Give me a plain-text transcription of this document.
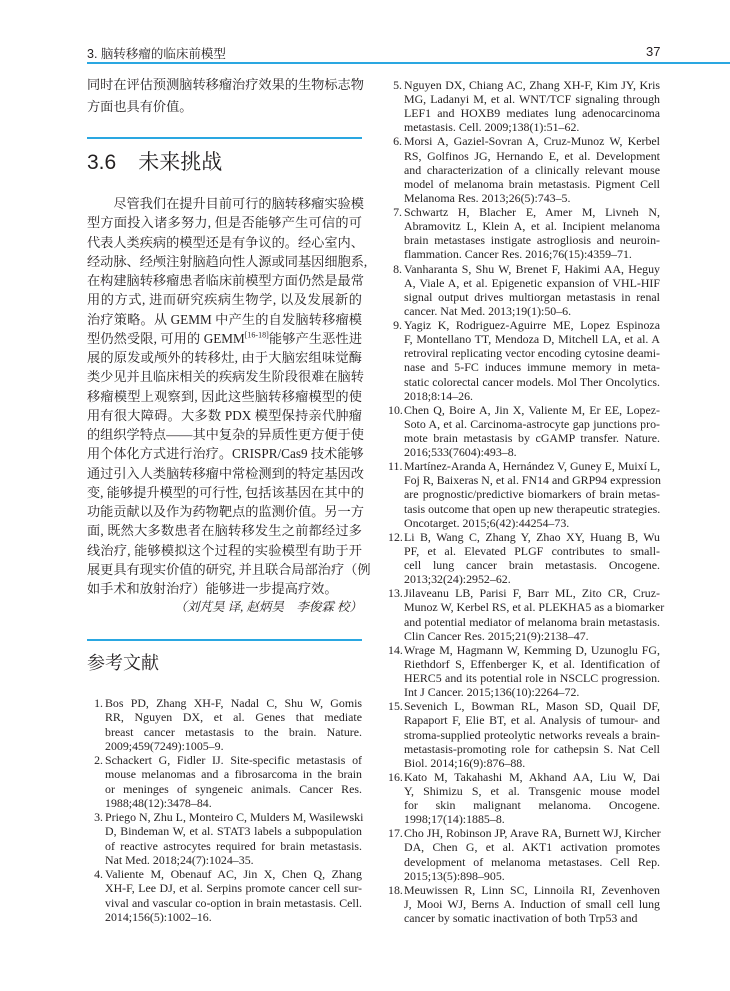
3. 脑转移瘤的临床前模型	37
同时在评估预测脑转移瘤治疗效果的生物标志物
方面也具有价值。
3.6 未来挑战
　　尽管我们在提升目前可行的脑转移瘤实验模
型方面投入诸多努力, 但是否能够产生可信的可
代表人类疾病的模型还是有争议的。经心室内、
经动脉、经颅注射脑趋向性人源或同基因细胞系,
在构建脑转移瘤患者临床前模型方面仍然是最常
用的方式, 进而研究疾病生物学, 以及发展新的
治疗策略。从 GEMM 中产生的自发脑转移瘤模
型仍然受限, 可用的 GEMM[16-18]能够产生恶性进
展的原发或颅外的转移灶, 由于大脑宏组味觉酶
类少见并且临床相关的疾病发生阶段很难在脑转
移瘤模型上观察到, 因此这些脑转移瘤模型的使
用有很大障碍。大多数 PDX 模型保持亲代肿瘤
的组织学特点——其中复杂的异质性更方便于使
用个体化方式进行治疗。CRISPR/Cas9 技术能够
通过引入人类脑转移瘤中常检测到的特定基因改
变, 能够提升模型的可行性, 包括该基因在其中的
功能贡献以及作为药物靶点的监测价值。另一方
面, 既然大多数患者在脑转移发生之前都经过多
线治疗, 能够模拟这个过程的实验模型有助于开
展更具有现实价值的研究, 并且联合局部治疗（例
如手术和放射治疗）能够进一步提高疗效。
（刘芃昊 译, 赵炳昊　李俊霖 校）
参考文献
1. Bos PD, Zhang XH-F, Nadal C, Shu W, Gomis
RR, Nguyen DX, et al. Genes that mediate
breast cancer metastasis to the brain. Nature.
2009;459(7249):1005–9.
2. Schackert G, Fidler IJ. Site-specific metastasis of
mouse melanomas and a fibrosarcoma in the brain
or meninges of syngeneic animals. Cancer Res.
1988;48(12):3478–84.
3. Priego N, Zhu L, Monteiro C, Mulders M, Wasilewski
D, Bindeman W, et al. STAT3 labels a subpopulation
of reactive astrocytes required for brain metastasis.
Nat Med. 2018;24(7):1024–35.
4. Valiente M, Obenauf AC, Jin X, Chen Q, Zhang
XH-F, Lee DJ, et al. Serpins promote cancer cell sur-
vival and vascular co-option in brain metastasis. Cell.
2014;156(5):1002–16.
5. Nguyen DX, Chiang AC, Zhang XH-F, Kim JY, Kris
MG, Ladanyi M, et al. WNT/TCF signaling through
LEF1 and HOXB9 mediates lung adenocarcinoma
metastasis. Cell. 2009;138(1):51–62.
6. Morsi A, Gaziel-Sovran A, Cruz-Munoz W, Kerbel
RS, Golfinos JG, Hernando E, et al. Development
and characterization of a clinically relevant mouse
model of melanoma brain metastasis. Pigment Cell
Melanoma Res. 2013;26(5):743–5.
7. Schwartz H, Blacher E, Amer M, Livneh N,
Abramovitz L, Klein A, et al. Incipient melanoma
brain metastases instigate astrogliosis and neuroin-
flammation. Cancer Res. 2016;76(15):4359–71.
8. Vanharanta S, Shu W, Brenet F, Hakimi AA, Heguy
A, Viale A, et al. Epigenetic expansion of VHL-HIF
signal output drives multiorgan metastasis in renal
cancer. Nat Med. 2013;19(1):50–6.
9. Yagiz K, Rodriguez-Aguirre ME, Lopez Espinoza
F, Montellano TT, Mendoza D, Mitchell LA, et al. A
retroviral replicating vector encoding cytosine deami-
nase and 5-FC induces immune memory in meta-
static colorectal cancer models. Mol Ther Oncolytics.
2018;8:14–26.
10. Chen Q, Boire A, Jin X, Valiente M, Er EE, Lopez-
Soto A, et al. Carcinoma-astrocyte gap junctions pro-
mote brain metastasis by cGAMP transfer. Nature.
2016;533(7604):493–8.
11. Martínez-Aranda A, Hernández V, Guney E, Muixí L,
Foj R, Baixeras N, et al. FN14 and GRP94 expression
are prognostic/predictive biomarkers of brain metas-
tasis outcome that open up new therapeutic strategies.
Oncotarget. 2015;6(42):44254–73.
12. Li B, Wang C, Zhang Y, Zhao XY, Huang B, Wu
PF, et al. Elevated PLGF contributes to small-
cell lung cancer brain metastasis. Oncogene.
2013;32(24):2952–62.
13. Jilaveanu LB, Parisi F, Barr ML, Zito CR, Cruz-
Munoz W, Kerbel RS, et al. PLEKHA5 as a biomarker
and potential mediator of melanoma brain metastasis.
Clin Cancer Res. 2015;21(9):2138–47.
14. Wrage M, Hagmann W, Kemming D, Uzunoglu FG,
Riethdorf S, Effenberger K, et al. Identification of
HERC5 and its potential role in NSCLC progression.
Int J Cancer. 2015;136(10):2264–72.
15. Sevenich L, Bowman RL, Mason SD, Quail DF,
Rapaport F, Elie BT, et al. Analysis of tumour- and
stroma-supplied proteolytic networks reveals a brain-
metastasis-promoting role for cathepsin S. Nat Cell
Biol. 2014;16(9):876–88.
16. Kato M, Takahashi M, Akhand AA, Liu W, Dai
Y, Shimizu S, et al. Transgenic mouse model
for skin malignant melanoma. Oncogene.
1998;17(14):1885–8.
17. Cho JH, Robinson JP, Arave RA, Burnett WJ, Kircher
DA, Chen G, et al. AKT1 activation promotes
development of melanoma metastases. Cell Rep.
2015;13(5):898–905.
18. Meuwissen R, Linn SC, Linnoila RI, Zevenhoven
J, Mooi WJ, Berns A. Induction of small cell lung
cancer by somatic inactivation of both Trp53 and
